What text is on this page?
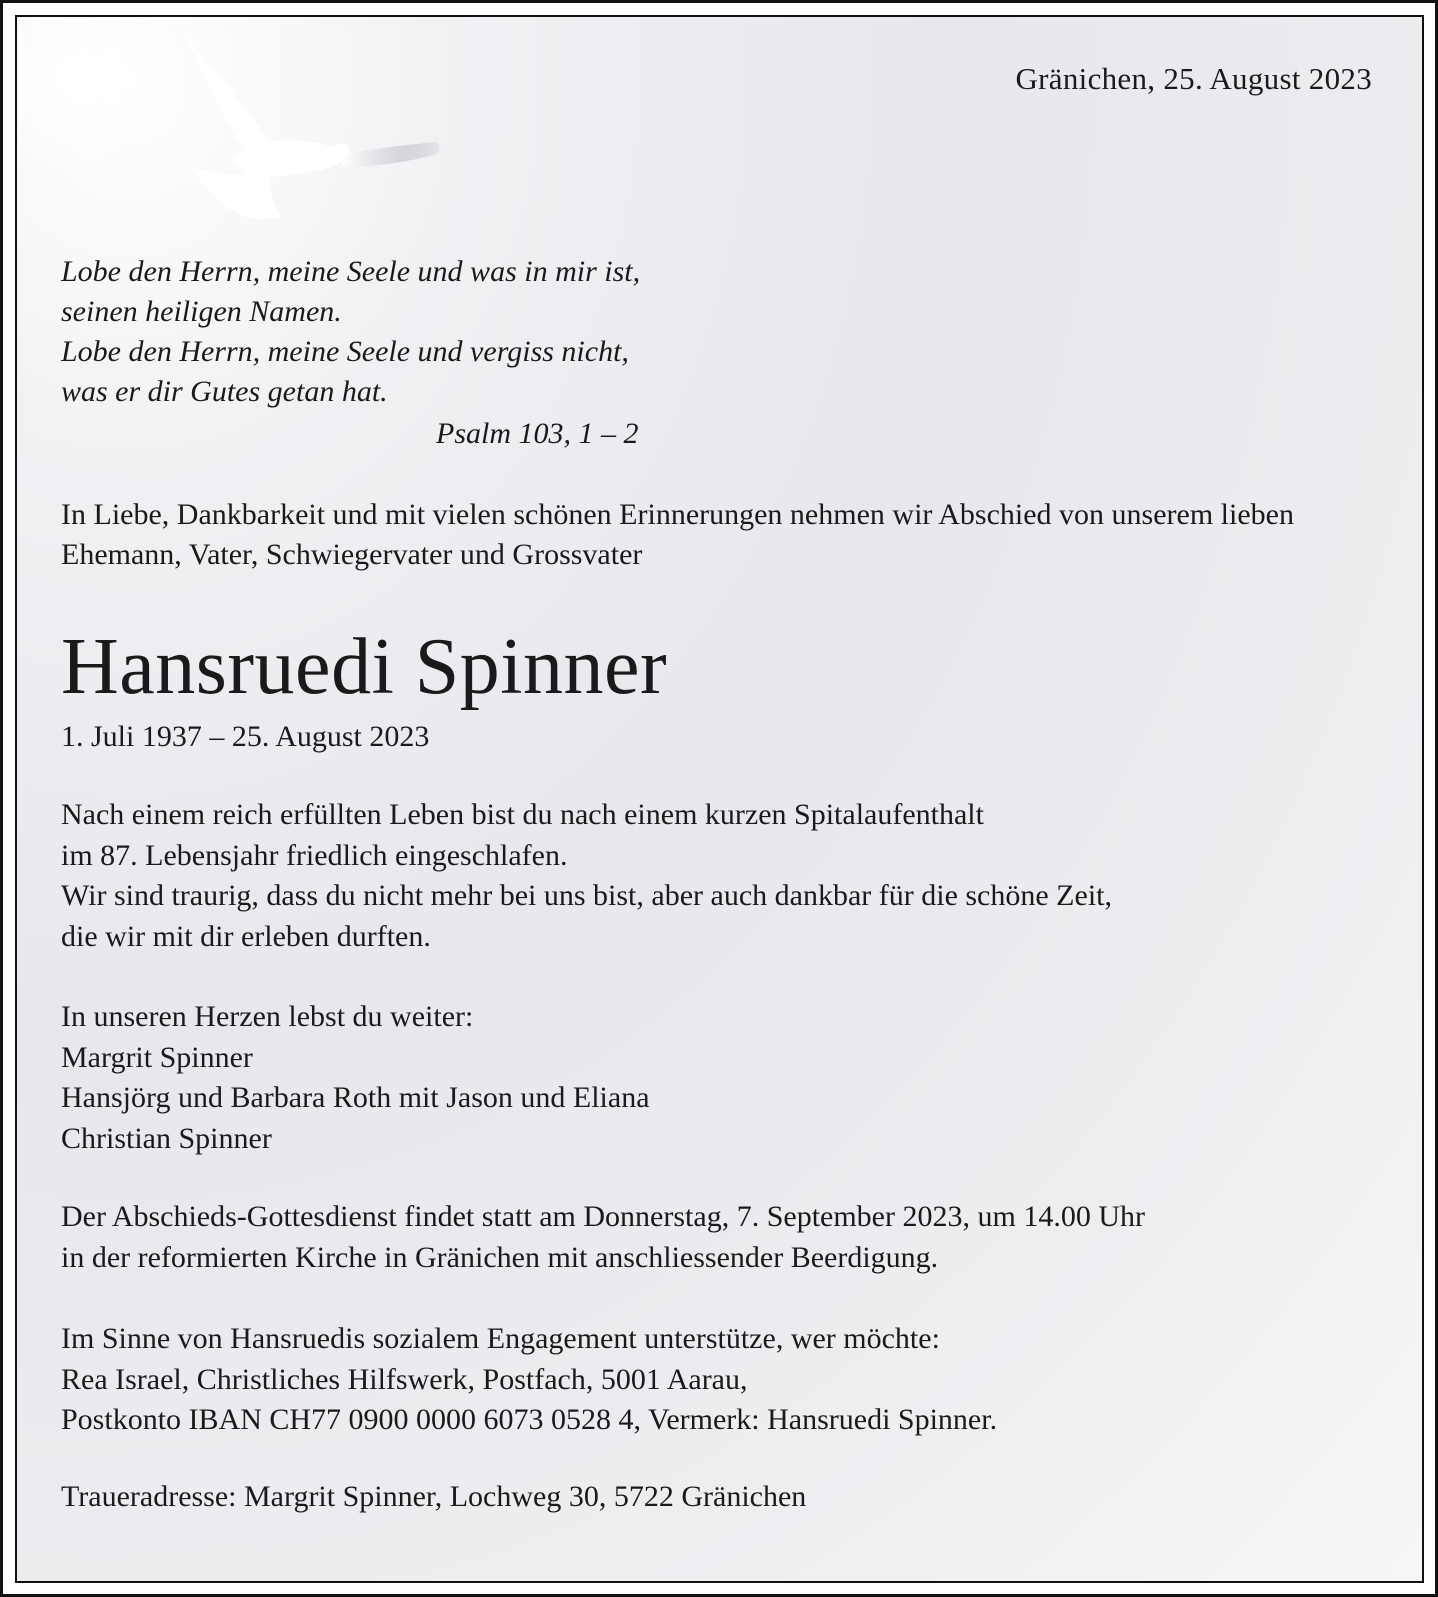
Gränichen, 25. August 2023
Lobe den Herrn, meine Seele und was in mir ist,
seinen heiligen Namen.
Lobe den Herrn, meine Seele und vergiss nicht,
was er dir Gutes getan hat.
Psalm 103, 1 – 2
In Liebe, Dankbarkeit und mit vielen schönen Erinnerungen nehmen wir Abschied von unserem lieben Ehemann, Vater, Schwiegervater und Grossvater
Hansruedi Spinner
1. Juli 1937 – 25. August 2023
Nach einem reich erfüllten Leben bist du nach einem kurzen Spitalaufenthalt
im 87. Lebensjahr friedlich eingeschlafen.
Wir sind traurig, dass du nicht mehr bei uns bist, aber auch dankbar für die schöne Zeit,
die wir mit dir erleben durften.
In unseren Herzen lebst du weiter:
Margrit Spinner
Hansjörg und Barbara Roth mit Jason und Eliana
Christian Spinner
Der Abschieds-Gottesdienst findet statt am Donnerstag, 7. September 2023, um 14.00 Uhr
in der reformierten Kirche in Gränichen mit anschliessender Beerdigung.
Im Sinne von Hansruedis sozialem Engagement unterstütze, wer möchte:
Rea Israel, Christliches Hilfswerk, Postfach, 5001 Aarau,
Postkonto IBAN CH77 0900 0000 6073 0528 4, Vermerk: Hansruedi Spinner.
Traueradresse: Margrit Spinner, Lochweg 30, 5722 Gränichen
